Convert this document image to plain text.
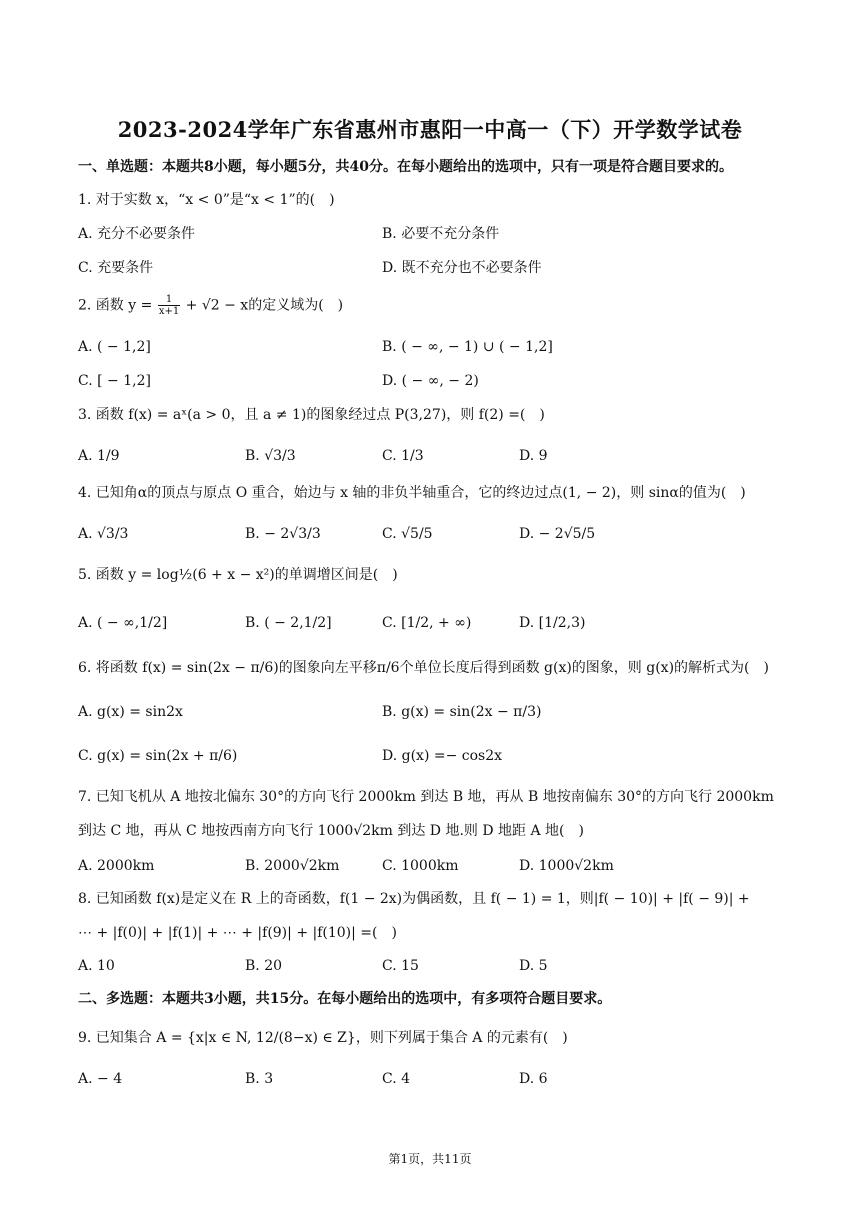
2023-2024学年广东省惠州市惠阳一中高一（下）开学数学试卷
一、单选题：本题共8小题，每小题5分，共40分。在每小题给出的选项中，只有一项是符合题目要求的。
1. 对于实数 x，“x < 0”是“x < 1”的(　)
A. 充分不必要条件	B. 必要不充分条件
C. 充要条件	D. 既不充分也不必要条件
2. 函数 $y = \frac{1}{x+1} + √2 - x$的定义域为(　)
A. ( − 1,2]	B. ( − ∞, − 1) ∪ ( − 1,2]
C. [ − 1,2]	D. ( − ∞, − 2)
3. 函数 f(x) = aˣ(a > 0，且 a ≠ 1)的图象经过点 P(3,27)，则 f(2) =(　)
A. 1/9	B. √3/3	C. 1/3	D. 9
4. 已知角α的顶点与原点 O 重合，始边与 x 轴的非负半轴重合，它的终边过点(1, − 2)，则 sinα的值为(　)
A. √3/3	B. − 2√3/3	C. √5/5	D. − 2√5/5
5. 函数 y = log½(6 + x − x²)的单调增区间是(　)
A. ( − ∞,1/2]	B. ( − 2,1/2]	C. [1/2, + ∞)	D. [1/2,3)
6. 将函数 f(x) = sin(2x − π/6)的图象向左平移π/6个单位长度后得到函数 g(x)的图象，则 g(x)的解析式为(　)
A. g(x) = sin2x	B. g(x) = sin(2x − π/3)
C. g(x) = sin(2x + π/6)	D. g(x) =− cos2x
7. 已知飞机从 A 地按北偏东 30°的方向飞行 2000km 到达 B 地，再从 B 地按南偏东 30°的方向飞行 2000km
到达 C 地，再从 C 地按西南方向飞行 1000√2km 到达 D 地.则 D 地距 A 地(　)
A. 2000km	B. 2000√2km	C. 1000km	D. 1000√2km
8. 已知函数 f(x)是定义在 R 上的奇函数，f(1 − 2x)为偶函数，且 f( − 1) = 1，则|f( − 10)| + |f( − 9)| +
⋯ + |f(0)| + |f(1)| + ⋯ + |f(9)| + |f(10)| =(　)
A. 10	B. 20	C. 15	D. 5
二、多选题：本题共3小题，共15分。在每小题给出的选项中，有多项符合题目要求。
9. 已知集合 A = {x|x ∈ N, 12/(8−x) ∈ Z}，则下列属于集合 A 的元素有(　)
A. − 4	B. 3	C. 4	D. 6
第1页，共11页
